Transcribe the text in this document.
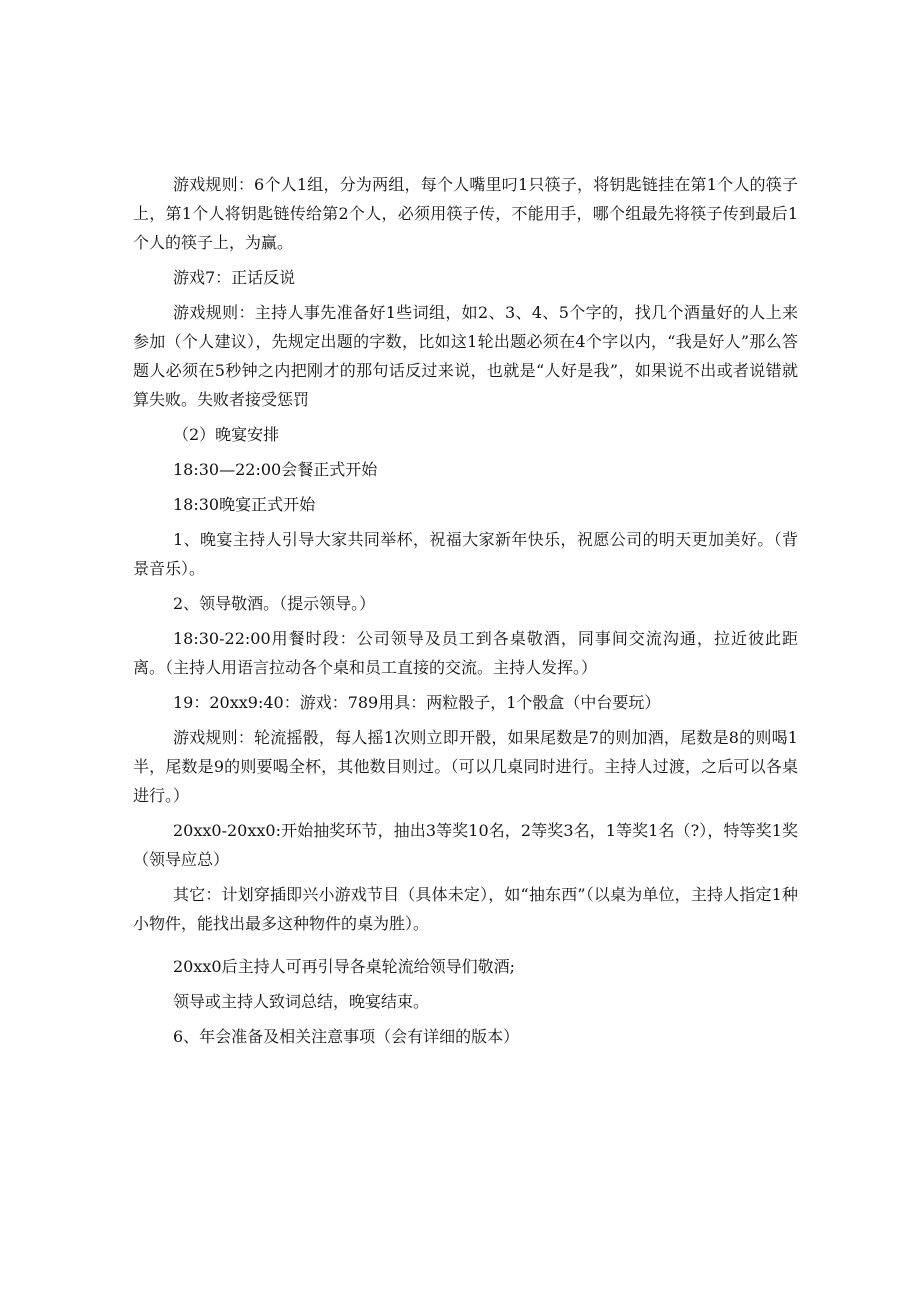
游戏规则：6个人1组，分为两组，每个人嘴里叼1只筷子，将钥匙链挂在第1个人的筷子上，第1个人将钥匙链传给第2个人，必须用筷子传，不能用手，哪个组最先将筷子传到最后1个人的筷子上，为赢。

游戏7：正话反说

游戏规则：主持人事先准备好1些词组，如2、3、4、5个字的，找几个酒量好的人上来参加（个人建议），先规定出题的字数，比如这1轮出题必须在4个字以内，“我是好人”那么答题人必须在5秒钟之内把刚才的那句话反过来说，也就是“人好是我”，如果说不出或者说错就算失败。失败者接受惩罚

（2）晚宴安排

18:30—22:00会餐正式开始

18:30晚宴正式开始

1、晚宴主持人引导大家共同举杯，祝福大家新年快乐，祝愿公司的明天更加美好。（背景音乐）。

2、领导敬酒。（提示领导。）

18:30-22:00用餐时段：公司领导及员工到各桌敬酒，同事间交流沟通，拉近彼此距离。（主持人用语言拉动各个桌和员工直接的交流。主持人发挥。）

19：20xx9:40：游戏：789用具：两粒骰子，1个骰盒（中台要玩）

游戏规则：轮流摇骰，每人摇1次则立即开骰，如果尾数是7的则加酒，尾数是8的则喝1半，尾数是9的则要喝全杯，其他数目则过。（可以几桌同时进行。主持人过渡，之后可以各桌进行。）

20xx0-20xx0:开始抽奖环节，抽出3等奖10名，2等奖3名，1等奖1名（?），特等奖1奖（领导应总）

其它：计划穿插即兴小游戏节目（具体未定），如“抽东西”（以桌为单位，主持人指定1种小物件，能找出最多这种物件的桌为胜）。

20xx0后主持人可再引导各桌轮流给领导们敬酒;

领导或主持人致词总结，晚宴结束。

6、年会准备及相关注意事项（会有详细的版本）
